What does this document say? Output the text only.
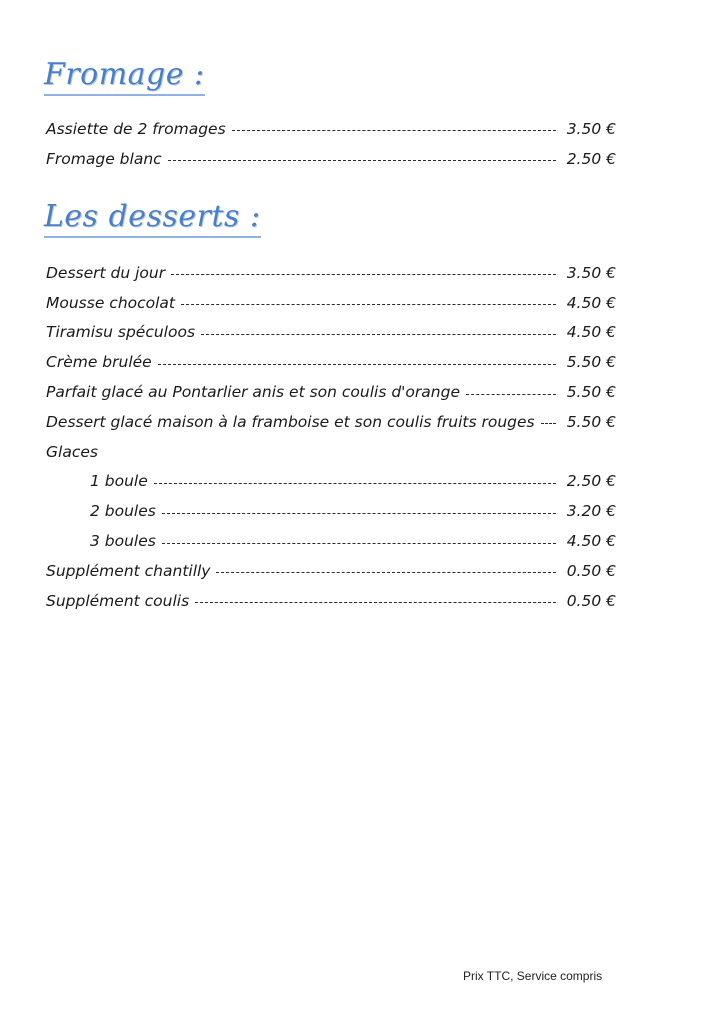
Fromage :
Assiette de 2 fromages	3.50 €
Fromage blanc	2.50 €
Les desserts :
Dessert du jour	3.50 €
Mousse chocolat	4.50 €
Tiramisu spéculoos	4.50 €
Crème brulée	5.50 €
Parfait glacé au Pontarlier anis et son coulis d'orange	5.50 €
Dessert glacé maison à la framboise et son coulis fruits rouges	5.50 €
Glaces
1 boule	2.50 €
2 boules	3.20 €
3 boules	4.50 €
Supplément chantilly	0.50 €
Supplément coulis	0.50 €
Prix TTC, Service compris
